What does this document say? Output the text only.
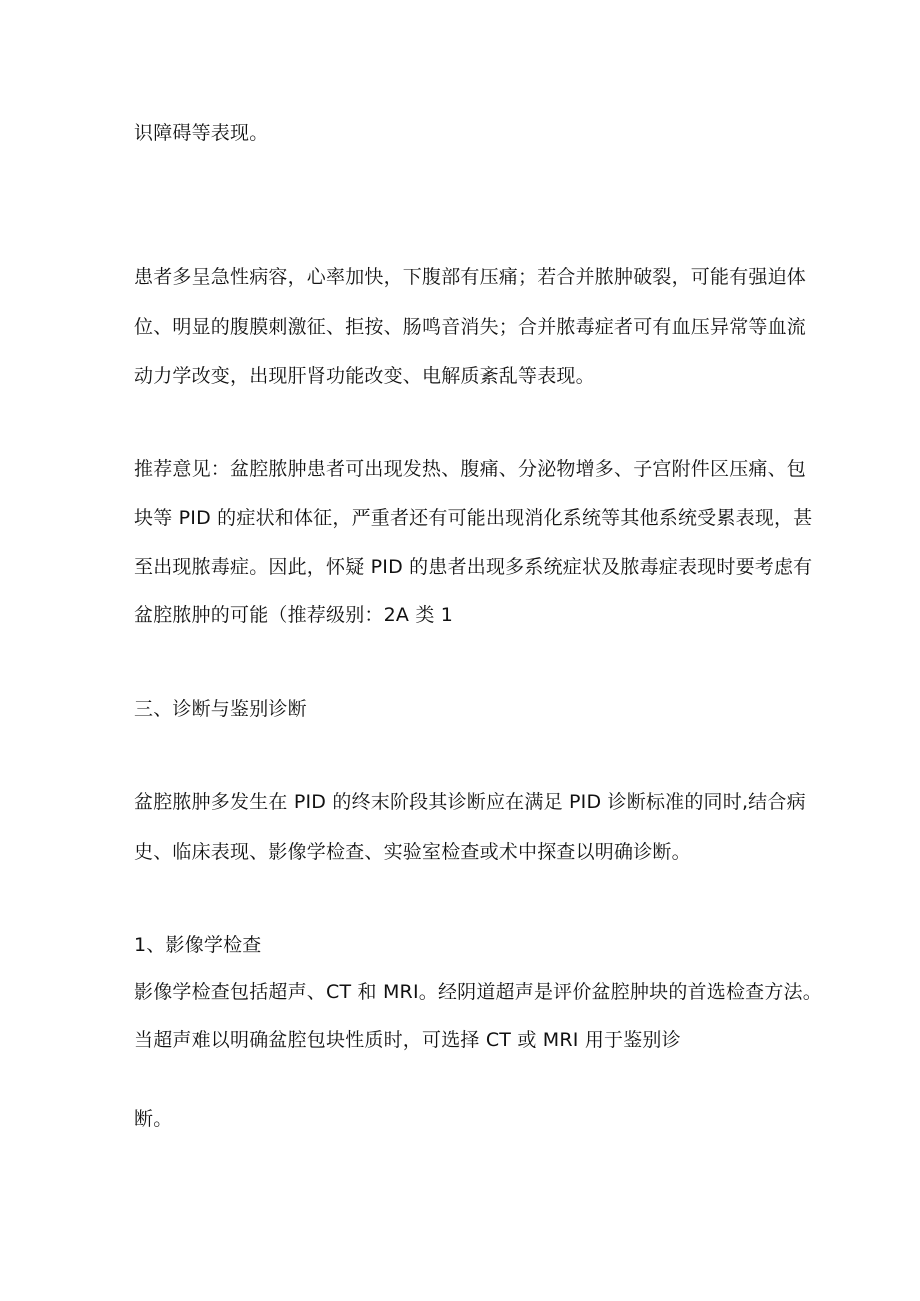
识障碍等表现。
患者多呈急性病容，心率加快，下腹部有压痛；若合并脓肿破裂，可能有强迫体
位、明显的腹膜刺激征、拒按、肠鸣音消失；合并脓毒症者可有血压异常等血流
动力学改变，出现肝肾功能改变、电解质紊乱等表现。
推荐意见：盆腔脓肿患者可出现发热、腹痛、分泌物增多、子宫附件区压痛、包
块等 PID 的症状和体征，严重者还有可能出现消化系统等其他系统受累表现，甚
至出现脓毒症。因此，怀疑 PID 的患者出现多系统症状及脓毒症表现时要考虑有
盆腔脓肿的可能（推荐级别：2A 类 1
三、诊断与鉴别诊断
盆腔脓肿多发生在 PID 的终末阶段其诊断应在满足 PID 诊断标准的同时,结合病
史、临床表现、影像学检查、实验室检查或术中探查以明确诊断。
1、影像学检查
影像学检查包括超声、CT 和 MRI。经阴道超声是评价盆腔肿块的首选检查方法。
当超声难以明确盆腔包块性质时，可选择 CT 或 MRI 用于鉴别诊
断。
